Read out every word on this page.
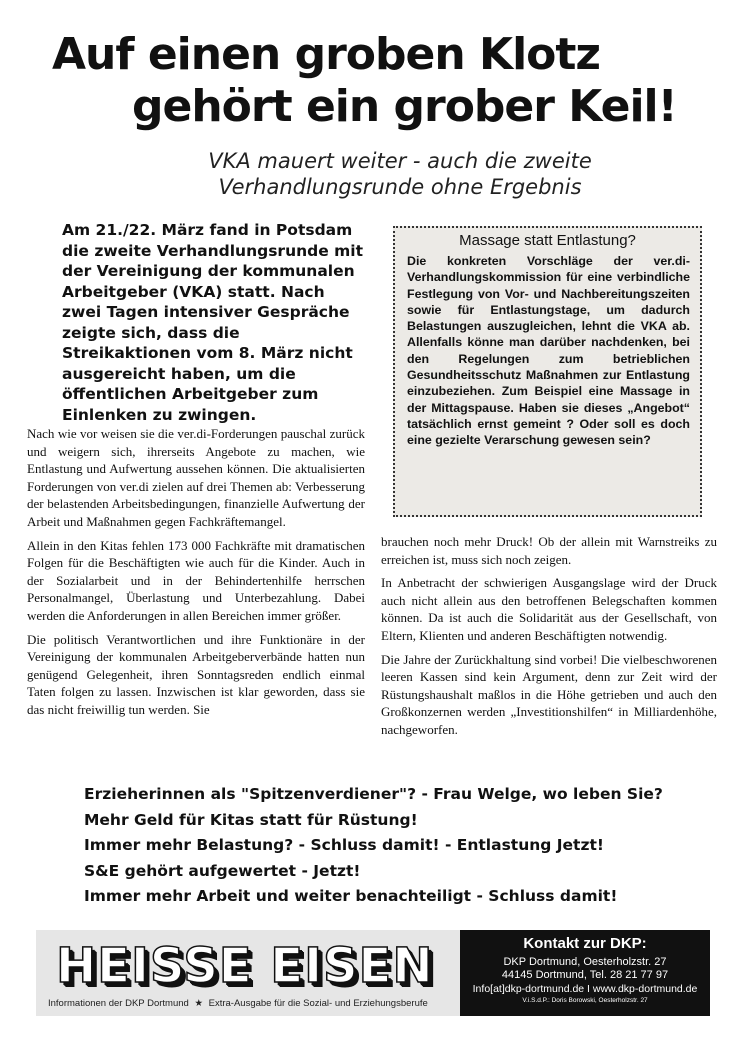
Auf einen groben Klotz
gehört ein grober Keil!
VKA mauert weiter - auch die zweite
Verhandlungsrunde ohne Ergebnis
Am 21./22. März fand in Potsdam die zweite Verhandlungsrunde mit der Vereinigung der kommunalen Arbeitgeber (VKA) statt. Nach zwei Tagen intensiver Gespräche zeigte sich, dass die Streikaktionen vom 8. März nicht ausgereicht haben, um die öffentlichen Arbeitgeber zum Einlenken zu zwingen.
Massage statt Entlastung?
Die konkreten Vorschläge der ver.di-Verhandlungskommission für eine verbindliche Festlegung von Vor- und Nachbereitungszeiten sowie für Entlastungstage, um dadurch Belastungen auszugleichen, lehnt die VKA ab. Allenfalls könne man darüber nachdenken, bei den Regelungen zum betrieblichen Gesundheitsschutz Maßnahmen zur Entlastung einzubeziehen. Zum Beispiel eine Massage in der Mittagspause. Haben sie dieses „Angebot“ tatsächlich ernst gemeint ? Oder soll es doch eine gezielte Verarschung gewesen sein?

Nach wie vor weisen sie die ver.di-Forderungen pauschal zurück und weigern sich, ihrerseits Angebote zu machen, wie Entlastung und Aufwertung aussehen können. Die aktualisierten Forderungen von ver.di zielen auf drei Themen ab: Verbesserung der belastenden Arbeitsbedingungen, finanzielle Aufwertung der Arbeit und Maßnahmen gegen Fachkräftemangel.

Allein in den Kitas fehlen 173 000 Fachkräfte mit dramatischen Folgen für die Beschäftigten wie auch für die Kinder. Auch in der Sozialarbeit und in der Behindertenhilfe herrschen Personalmangel, Überlastung und Unterbezahlung. Dabei werden die Anforderungen in allen Bereichen immer größer.

Die politisch Verantwortlichen und ihre Funktionäre in der Vereinigung der kommunalen Arbeitgeberverbände hatten nun genügend Gelegenheit, ihren Sonntagsreden endlich einmal Taten folgen zu lassen. Inzwischen ist klar geworden, dass sie das nicht freiwillig tun werden. Sie

brauchen noch mehr Druck! Ob der allein mit Warnstreiks zu erreichen ist, muss sich noch zeigen.

In Anbetracht der schwierigen Ausgangslage wird der Druck auch nicht allein aus den betroffenen Belegschaften kommen können. Da ist auch die Solidarität aus der Gesellschaft, von Eltern, Klienten und anderen Beschäftigten notwendig.

Die Jahre der Zurückhaltung sind vorbei! Die vielbeschworenen leeren Kassen sind kein Argument, denn zur Zeit wird der Rüstungshaushalt maßlos in die Höhe getrieben und auch den Großkonzernen werden „Investitionshilfen“ in Milliardenhöhe, nachgeworfen.

Erzieherinnen als "Spitzenverdiener"? - Frau Welge, wo leben Sie?
Mehr Geld für Kitas statt für Rüstung!
Immer mehr Belastung? - Schluss damit! - Entlastung Jetzt!
S&E gehört aufgewertet - Jetzt!
Immer mehr Arbeit und weiter benachteiligt - Schluss damit!
HEISSE EISEN
Informationen der DKP Dortmund ★ Extra-Ausgabe für die Sozial- und Erziehungsberufe
Kontakt zur DKP:
DKP Dortmund, Oesterholzstr. 27
44145 Dortmund, Tel. 28 21 77 97
Info[at]dkp-dortmund.de I www.dkp-dortmund.de
V.i.S.d.P.: Doris Borowski, Oesterholzstr. 27
